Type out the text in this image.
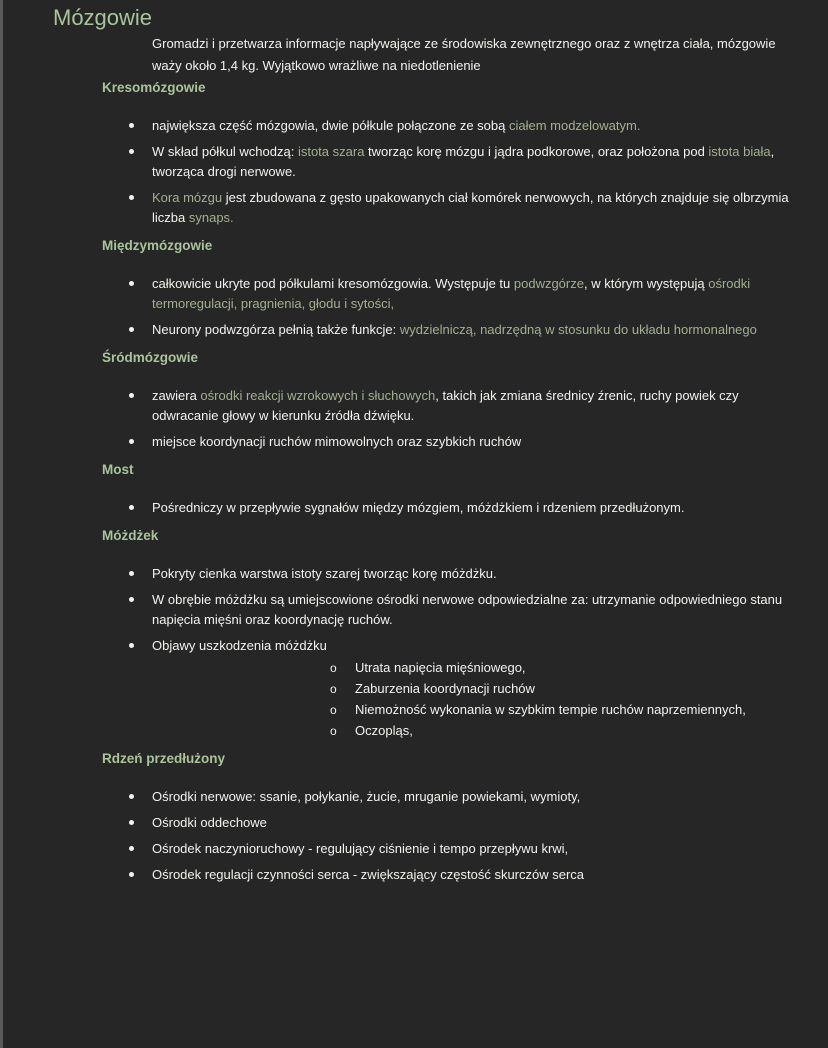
Mózgowie
Gromadzi i przetwarza informacje napływające ze środowiska zewnętrznego oraz z wnętrza ciała, mózgowie waży około 1,4 kg. Wyjątkowo wrażliwe na niedotlenienie
Kresomózgowie
największa część mózgowia, dwie półkule połączone ze sobą ciałem modzelowatym.
W skład półkul wchodzą: istota szara tworząc korę mózgu i jądra podkorowe, oraz położona pod istota biała, tworząca drogi nerwowe.
Kora mózgu jest zbudowana z gęsto upakowanych ciał komórek nerwowych, na których znajduje się olbrzymia liczba synaps.
Międzymózgowie
całkowicie ukryte pod półkulami kresomózgowia. Występuje tu podwzgórze, w którym występują ośrodki termoregulacji, pragnienia, głodu i sytości,
Neurony podwzgórza pełnią także funkcje: wydzielniczą, nadrzędną w stosunku do układu hormonalnego
Śródmózgowie
zawiera ośrodki reakcji wzrokowych i słuchowych, takich jak zmiana średnicy źrenic, ruchy powiek czy odwracanie głowy w kierunku źródła dźwięku.
miejsce koordynacji ruchów mimowolnych oraz szybkich ruchów
Most
Pośredniczy w przepływie sygnałów między mózgiem, móżdżkiem i rdzeniem przedłużonym.
Móżdżek
Pokryty cienka warstwa istoty szarej tworząc korę móżdżku.
W obrębie móżdżku są umiejscowione ośrodki nerwowe odpowiedzialne za: utrzymanie odpowiedniego stanu napięcia mięśni oraz koordynację ruchów.
Objawy uszkodzenia móżdżku
o Utrata napięcia mięśniowego,
o Zaburzenia koordynacji ruchów
o Niemożność wykonania w szybkim tempie ruchów naprzemiennych,
o Oczopląs,
Rdzeń przedłużony
Ośrodki nerwowe: ssanie, połykanie, żucie, mruganie powiekami, wymioty,
Ośrodki oddechowe
Ośrodek naczynioruchowy - regulujący ciśnienie i tempo przepływu krwi,
Ośrodek regulacji czynności serca - zwiększający częstość skurczów serca
